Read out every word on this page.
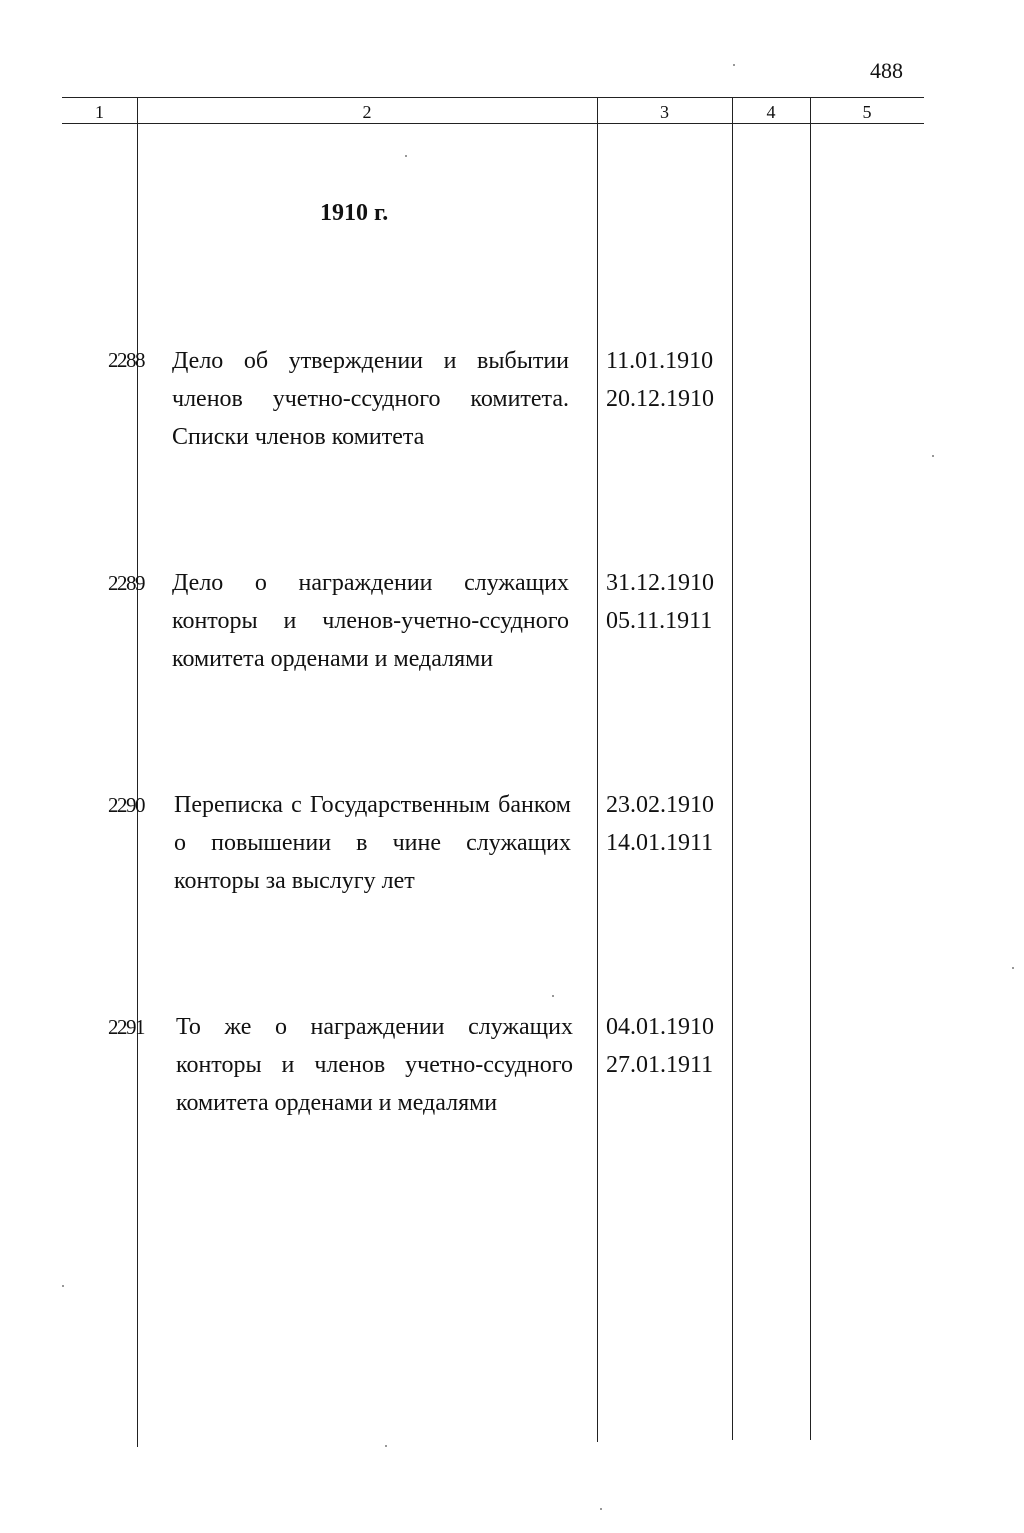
488
1	2	3	4	5
1910 г.
2288 Дело об утверждении и выбытии членов учетно-ссудного комитета. Списки членов комитета
11.01.1910
20.12.1910
2289 Дело о награждении служащих конторы и членов-учетно-ссудного комитета орденами и медалями
31.12.1910
05.11.1911
2290 Переписка с Государственным банком о повышении в чине служащих конторы за выслугу лет
23.02.1910
14.01.1911
2291 То же о награждении служащих конторы и членов учетно-ссудного комитета орденами и медалями
04.01.1910
27.01.1911
